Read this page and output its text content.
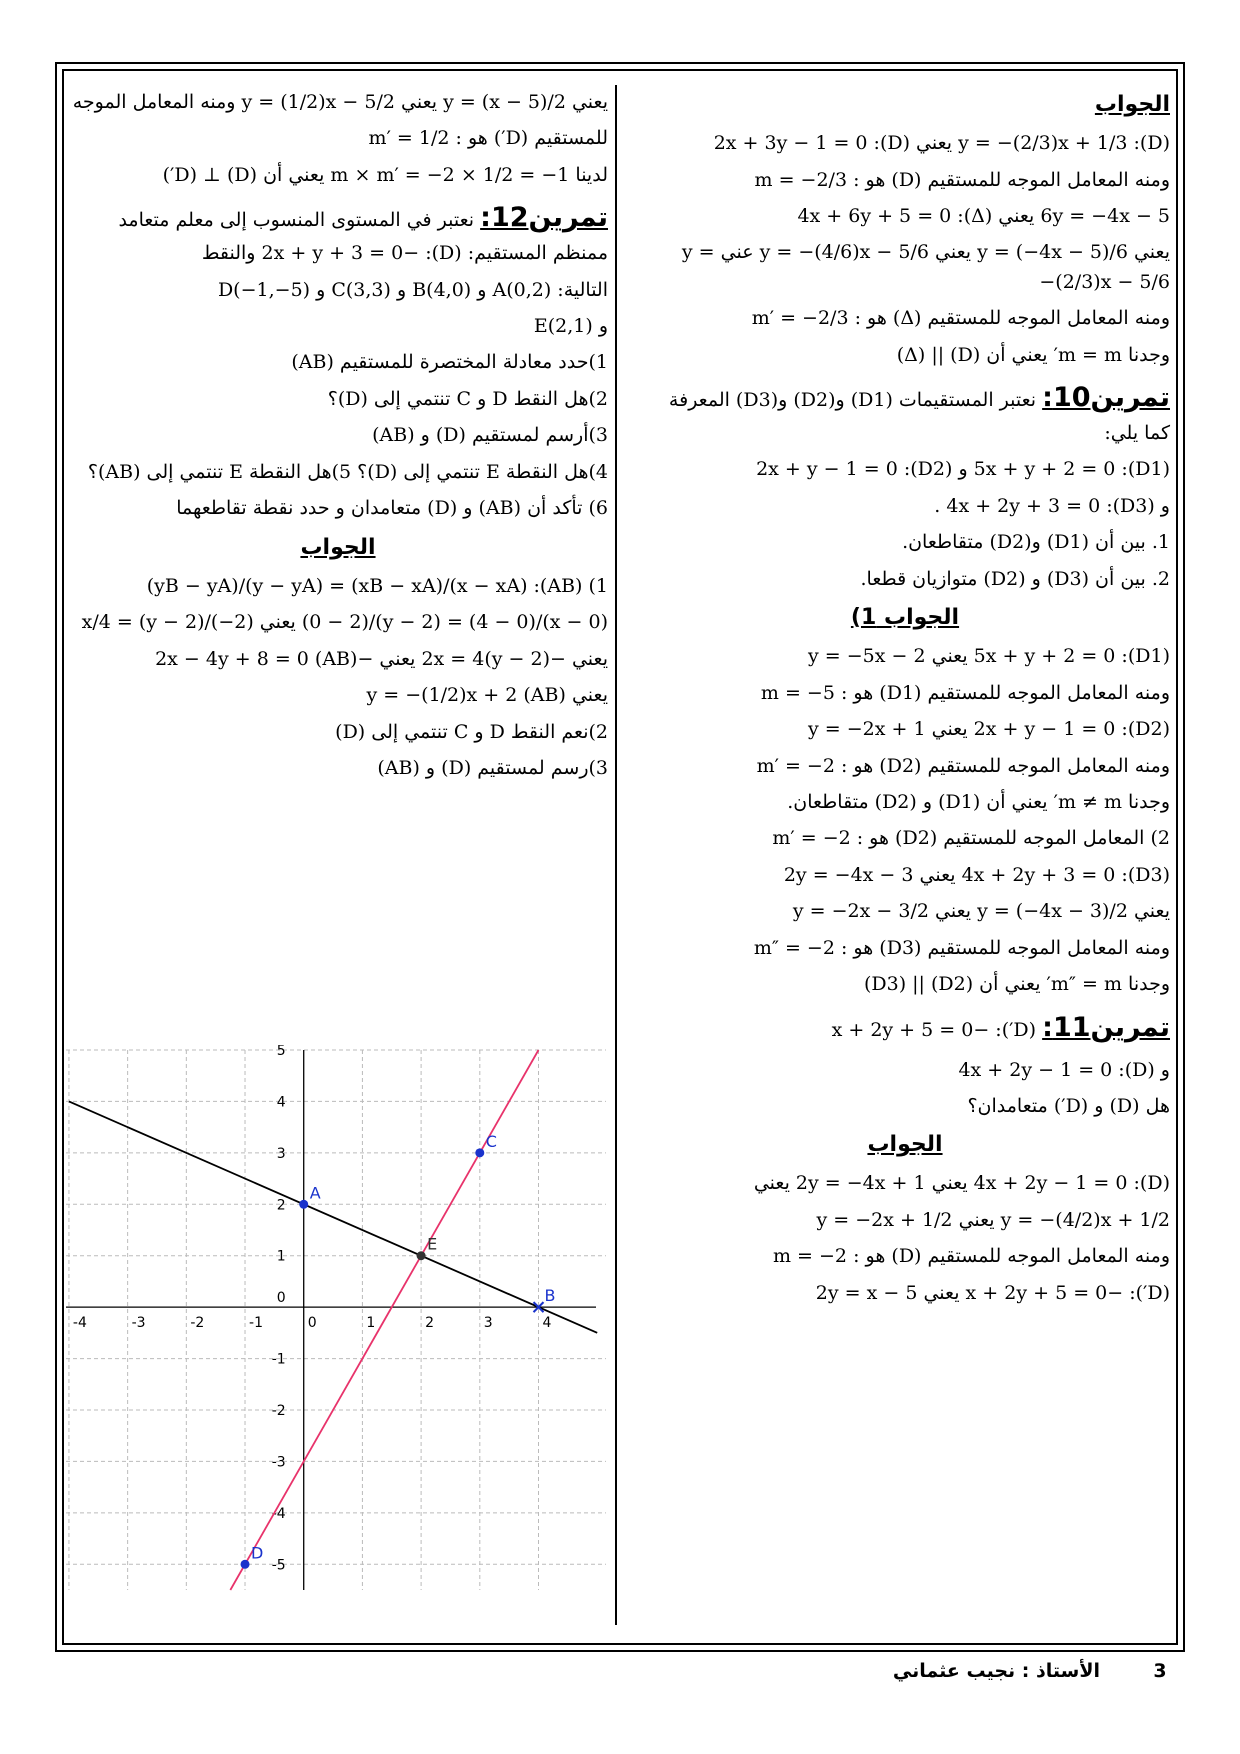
الجواب
(D): y = −(2/3)x + 1/3 يعني (D): 2x + 3y − 1 = 0
ومنه المعامل الموجه للمستقيم (D) هو : m = −2/3
6y = −4x − 5 يعني (Δ): 4x + 6y + 5 = 0
يعني y = (−4x − 5)/6 يعني y = −(4/6)x − 5/6 عني y = −(2/3)x − 5/6
ومنه المعامل الموجه للمستقيم (Δ) هو : m′ = −2/3
وجدنا m = m′ يعني أن (D) || (Δ)
تمرين10: نعتبر المستقيمات (D1) و(D2) و(D3) المعرفة كما يلي:
(D1): 5x + y + 2 = 0 و (D2): 2x + y − 1 = 0
و (D3): 4x + 2y + 3 = 0 .
1. بين أن (D1) و(D2) متقاطعان.
2. بين أن (D3) و (D2) متوازيان قطعا.
الجواب 1)
(D1): 5x + y + 2 = 0 يعني y = −5x − 2
ومنه المعامل الموجه للمستقيم (D1) هو : m = −5
(D2): 2x + y − 1 = 0 يعني y = −2x + 1
ومنه المعامل الموجه للمستقيم (D2) هو : m′ = −2
وجدنا m ≠ m′ يعني أن (D1) و (D2) متقاطعان.
2) المعامل الموجه للمستقيم (D2) هو : m′ = −2
(D3): 4x + 2y + 3 = 0 يعني 2y = −4x − 3
يعني y = (−4x − 3)/2 يعني y = −2x − 3/2
ومنه المعامل الموجه للمستقيم (D3) هو : m″ = −2
وجدنا m″ = m′ يعني أن (D2) || (D3)
تمرين11: (D′): −x + 2y + 5 = 0
و (D): 4x + 2y − 1 = 0
هل (D) و (D′) متعامدان؟
الجواب
(D): 4x + 2y − 1 = 0 يعني 2y = −4x + 1 يعني
y = −(4/2)x + 1/2 يعني y = −2x + 1/2
ومنه المعامل الموجه للمستقيم (D) هو : m = −2
(D′): −x + 2y + 5 = 0 يعني 2y = x − 5
يعني y = (x − 5)/2 يعني y = (1/2)x − 5/2 ومنه المعامل الموجه
للمستقيم (D′) هو : m′ = 1/2
لدينا m × m′ = −2 × 1/2 = −1 يعني أن (D) ⊥ (D′)
تمرين12: نعتبر في المستوى المنسوب إلى معلم متعامد ممنظم المستقيم: (D): −2x + y + 3 = 0 والنقط
التالية: A(0,2) و B(4,0) و C(3,3) و D(−1,−5)
و E(2,1)
1)حدد معادلة المختصرة للمستقيم (AB)
2)هل النقط D و C تنتمي إلى (D)؟
3)أرسم لمستقيم (D) و (AB)
4)هل النقطة E تنتمي إلى (D)؟ 5)هل النقطة E تنتمي إلى (AB)؟
6) تأكد أن (AB) و (D) متعامدان و حدد نقطة تقاطعهما
الجواب
1) (AB): (x − xA)/(xB − xA) = (y − yA)/(yB − yA)
(x − 0)/(4 − 0) = (y − 2)/(0 − 2) يعني x/4 = (y − 2)/(−2)
يعني −2x = 4(y − 2) يعني −2x − 4y + 8 = 0 (AB)
يعني y = −(1/2)x + 2 (AB)
2)نعم النقط D و C تنتمي إلى (D)
3)رسم لمستقيم (D) و (AB)
-4	-3	-2	-1	0	1	2	3	4
-5
-4
-3
-2
-1
1
2
3
4
5
0
A
B
C
D
E
الأستاذ : نجيب عثماني	3
